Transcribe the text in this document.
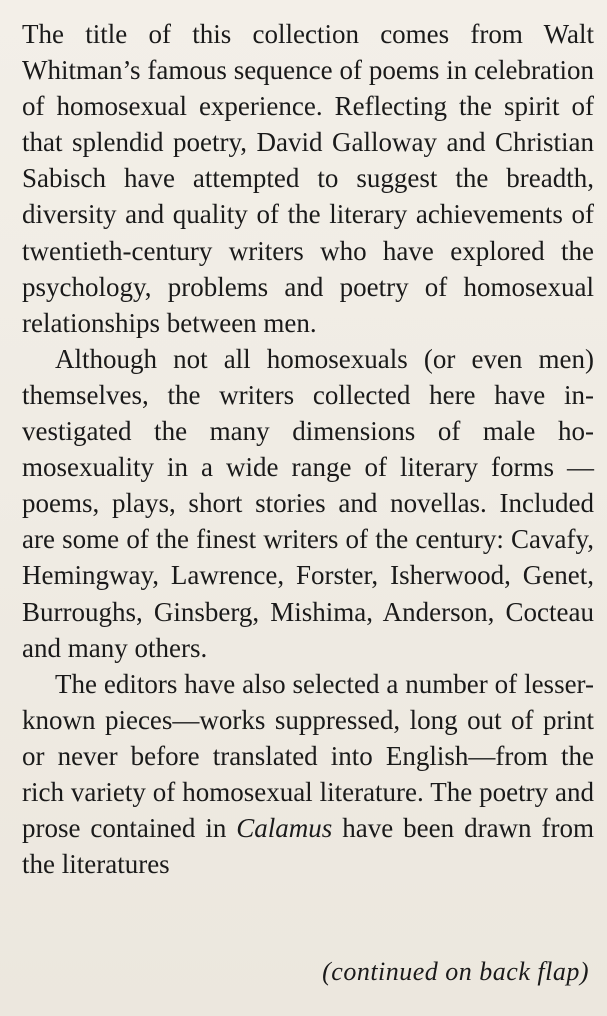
The title of this collection comes from Walt Whitman’s famous sequence of poems in celebration of homosexual experience. Reflecting the spirit of that splendid poetry, David Galloway and Christian Sabisch have attempted to suggest the breadth, diversity and quality of the literary achievements of twentieth-century writers who have explored the psychology, problems and poetry of homosexual relationships between men.

Although not all homosexuals (or even men) themselves, the writers collected here have investigated the many dimensions of male homosexuality in a wide range of literary forms —poems, plays, short stories and novellas. Included are some of the finest writers of the century: Cavafy, Hemingway, Lawrence, Forster, Isherwood, Genet, Burroughs, Ginsberg, Mishima, Anderson, Cocteau and many others.

The editors have also selected a number of lesser-known pieces—works suppressed, long out of print or never before translated into English—from the rich variety of homosexual literature. The poetry and prose contained in Calamus have been drawn from the literatures

(continued on back flap)
